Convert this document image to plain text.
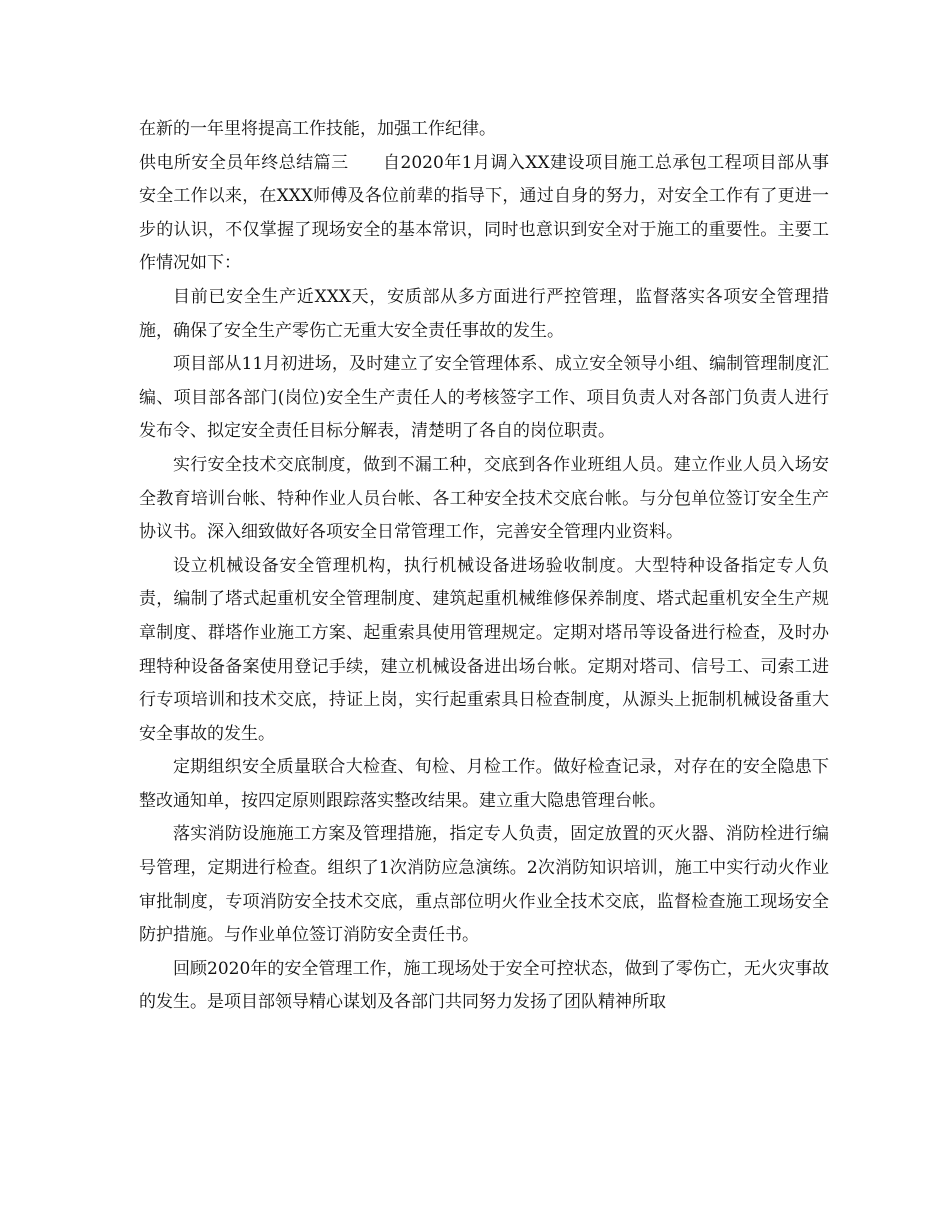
在新的一年里将提高工作技能，加强工作纪律。

供电所安全员年终总结篇三 自2020年1月调入XX建设项目施工总承包工程项目部从事安全工作以来，在XXX师傅及各位前辈的指导下，通过自身的努力，对安全工作有了更进一步的认识，不仅掌握了现场安全的基本常识，同时也意识到安全对于施工的重要性。主要工作情况如下：

目前已安全生产近XXX天，安质部从多方面进行严控管理，监督落实各项安全管理措施，确保了安全生产零伤亡无重大安全责任事故的发生。

项目部从11月初进场，及时建立了安全管理体系、成立安全领导小组、编制管理制度汇编、项目部各部门(岗位)安全生产责任人的考核签字工作、项目负责人对各部门负责人进行发布令、拟定安全责任目标分解表，清楚明了各自的岗位职责。

实行安全技术交底制度，做到不漏工种，交底到各作业班组人员。建立作业人员入场安全教育培训台帐、特种作业人员台帐、各工种安全技术交底台帐。与分包单位签订安全生产协议书。深入细致做好各项安全日常管理工作，完善安全管理内业资料。

设立机械设备安全管理机构，执行机械设备进场验收制度。大型特种设备指定专人负责，编制了塔式起重机安全管理制度、建筑起重机械维修保养制度、塔式起重机安全生产规章制度、群塔作业施工方案、起重索具使用管理规定。定期对塔吊等设备进行检查，及时办理特种设备备案使用登记手续，建立机械设备进出场台帐。定期对塔司、信号工、司索工进行专项培训和技术交底，持证上岗，实行起重索具日检查制度，从源头上扼制机械设备重大安全事故的发生。

定期组织安全质量联合大检查、旬检、月检工作。做好检查记录，对存在的安全隐患下整改通知单，按四定原则跟踪落实整改结果。建立重大隐患管理台帐。

落实消防设施施工方案及管理措施，指定专人负责，固定放置的灭火器、消防栓进行编号管理，定期进行检查。组织了1次消防应急演练。2次消防知识培训，施工中实行动火作业审批制度，专项消防安全技术交底，重点部位明火作业全技术交底，监督检查施工现场安全防护措施。与作业单位签订消防安全责任书。

回顾2020年的安全管理工作，施工现场处于安全可控状态，做到了零伤亡，无火灾事故的发生。是项目部领导精心谋划及各部门共同努力发扬了团队精神所取
